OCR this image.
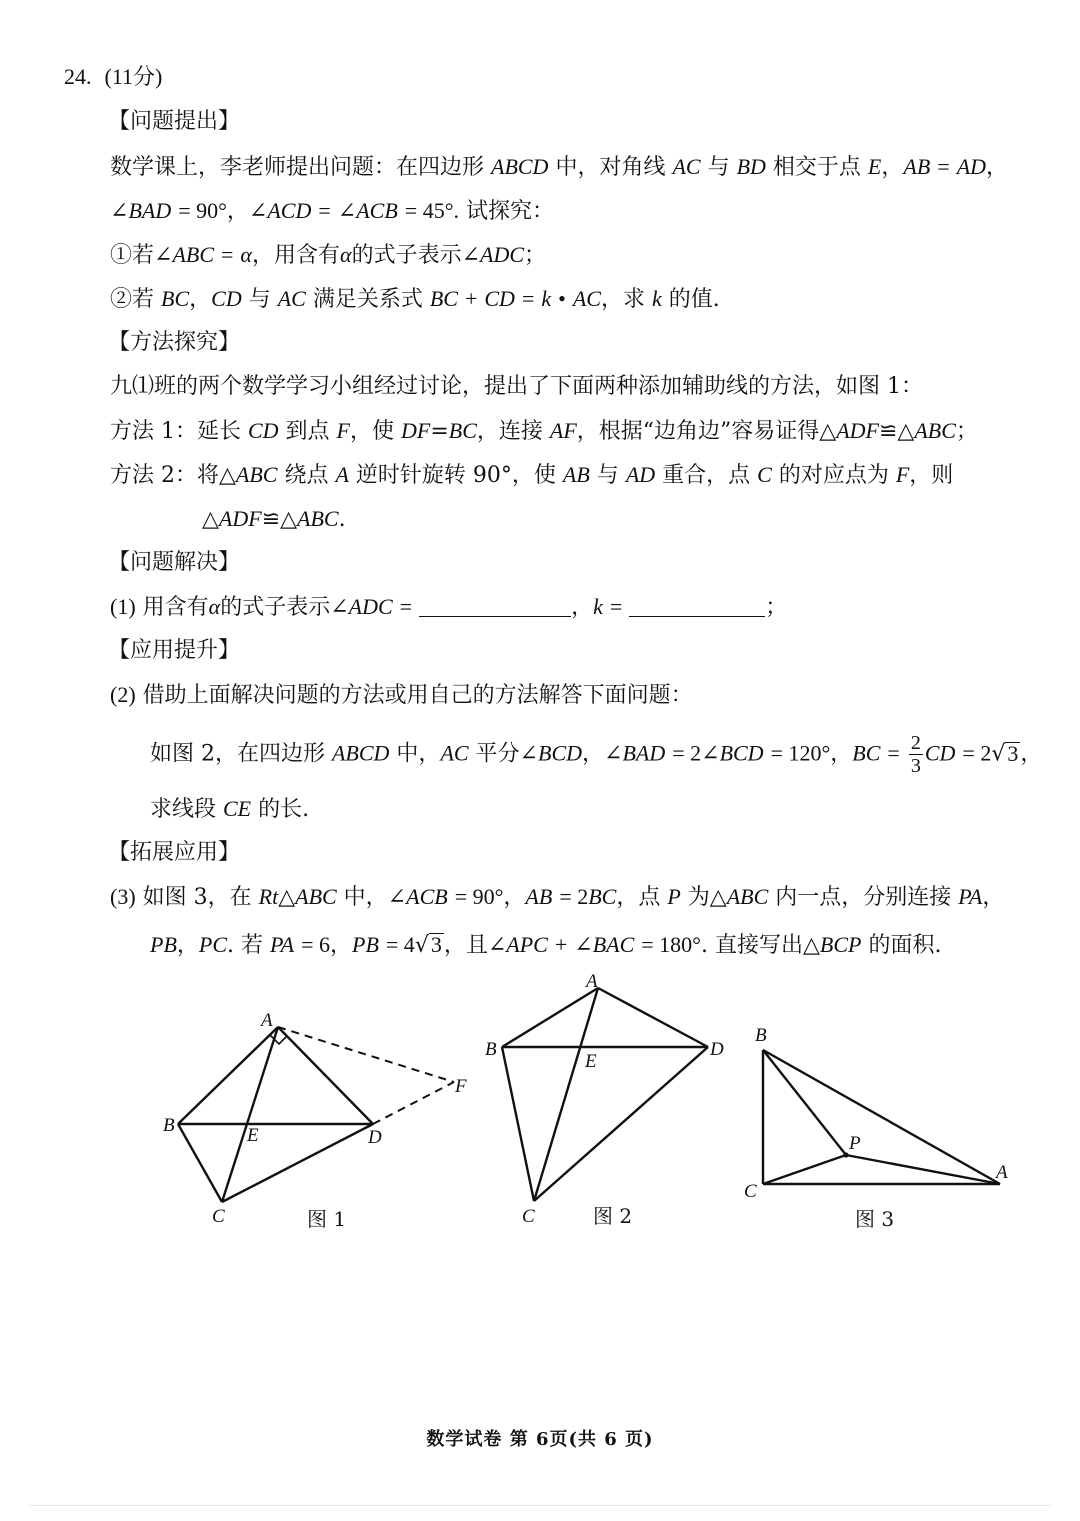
24. (11分)
【问题提出】
数学课上，李老师提出问题：在四边形 ABCD 中，对角线 AC 与 BD 相交于点 E，AB = AD，
∠BAD = 90°，∠ACD = ∠ACB = 45°. 试探究：
①若∠ABC = α，用含有α的式子表示∠ADC；
②若 BC，CD 与 AC 满足关系式 BC + CD = k • AC，求 k 的值.
【方法探究】
九⑴班的两个数学学习小组经过讨论，提出了下面两种添加辅助线的方法，如图 1：
方法 1：延长 CD 到点 F，使 DF=BC，连接 AF，根据“边角边”容易证得△ADF≌△ABC；
方法 2：将△ABC 绕点 A 逆时针旋转 90°，使 AB 与 AD 重合，点 C 的对应点为 F，则
△ADF≌△ABC.
【问题解决】
(1) 用含有α的式子表示∠ADC =	，k =	；
【应用提升】
(2) 借助上面解决问题的方法或用自己的方法解答下面问题：
如图 2，在四边形 ABCD 中，AC 平分∠BCD，∠BAD = 2∠BCD = 120°，BC = $\frac{2}{3}$ CD = 2√3，
求线段 CE 的长.
【拓展应用】
(3) 如图 3，在 Rt△ABC 中，∠ACB = 90°，AB = 2BC，点 P 为△ABC 内一点，分别连接 PA，
PB，PC. 若 PA = 6，PB = 4√3，且∠APC + ∠BAC = 180°. 直接写出△BCP 的面积.
A
B
C
D
E
F
图 1
A
B
C
D
E
图 2
A
B
C
P
图 3
数学试卷 第 6页(共 6 页)
